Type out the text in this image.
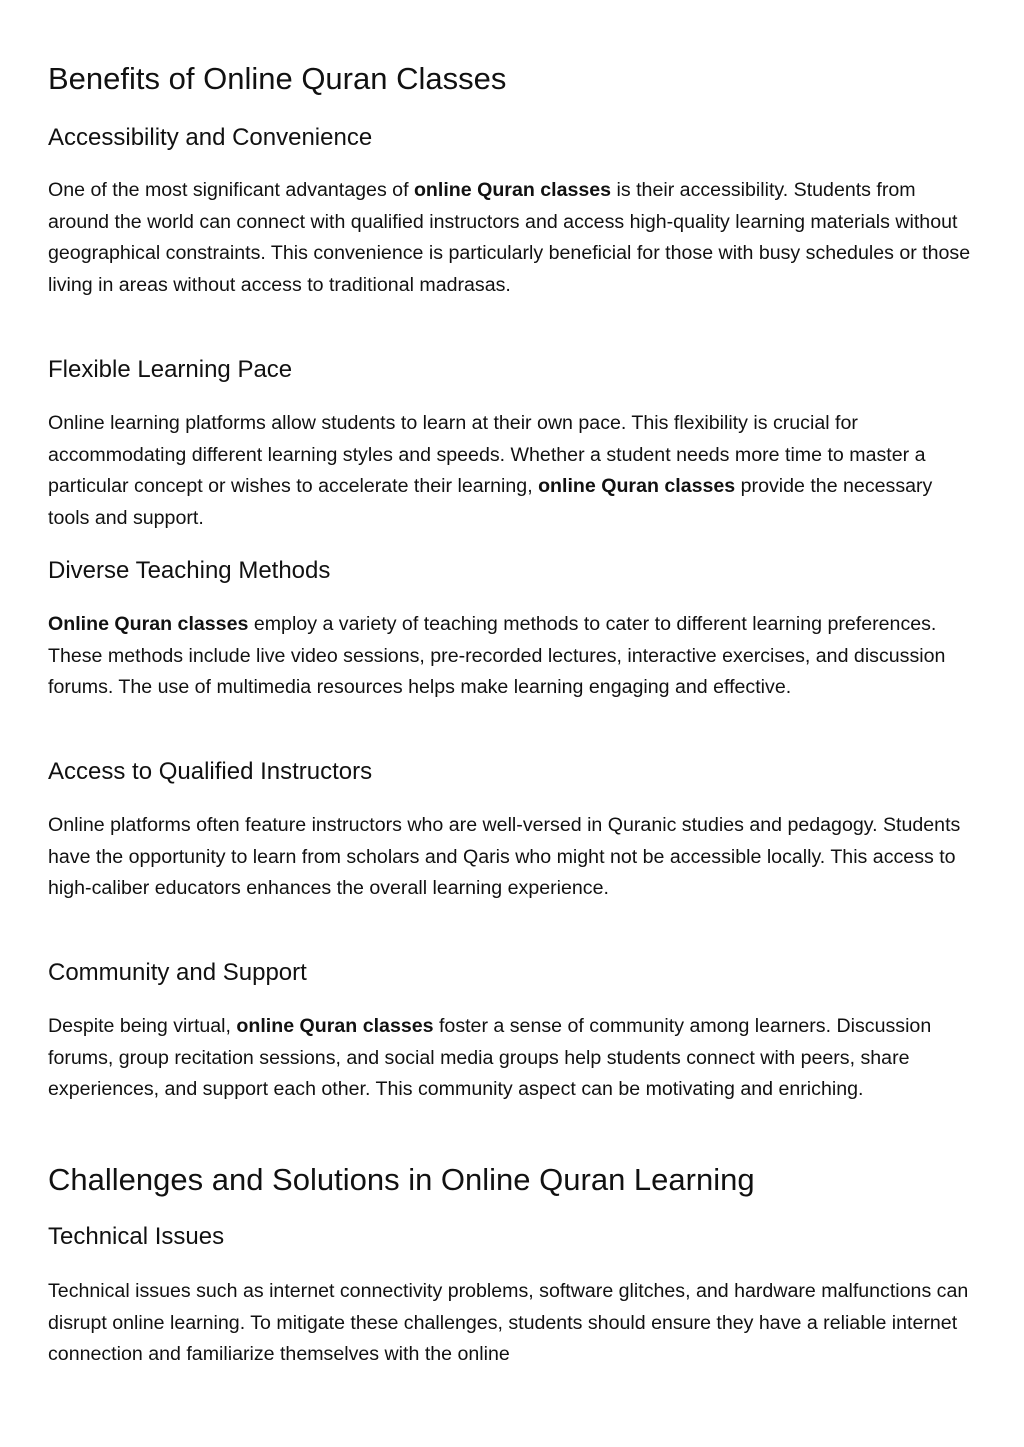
Benefits of Online Quran Classes
Accessibility and Convenience

One of the most significant advantages of online Quran classes is their accessibility. Students from around the world can connect with qualified instructors and access high-quality learning materials without geographical constraints. This convenience is particularly beneficial for those with busy schedules or those living in areas without access to traditional madrasas.

Flexible Learning Pace

Online learning platforms allow students to learn at their own pace. This flexibility is crucial for accommodating different learning styles and speeds. Whether a student needs more time to master a particular concept or wishes to accelerate their learning, online Quran classes provide the necessary tools and support.

Diverse Teaching Methods

Online Quran classes employ a variety of teaching methods to cater to different learning preferences. These methods include live video sessions, pre-recorded lectures, interactive exercises, and discussion forums. The use of multimedia resources helps make learning engaging and effective.

Access to Qualified Instructors

Online platforms often feature instructors who are well-versed in Quranic studies and pedagogy. Students have the opportunity to learn from scholars and Qaris who might not be accessible locally. This access to high-caliber educators enhances the overall learning experience.

Community and Support

Despite being virtual, online Quran classes foster a sense of community among learners. Discussion forums, group recitation sessions, and social media groups help students connect with peers, share experiences, and support each other. This community aspect can be motivating and enriching.

Challenges and Solutions in Online Quran Learning
Technical Issues

Technical issues such as internet connectivity problems, software glitches, and hardware malfunctions can disrupt online learning. To mitigate these challenges, students should ensure they have a reliable internet connection and familiarize themselves with the online
